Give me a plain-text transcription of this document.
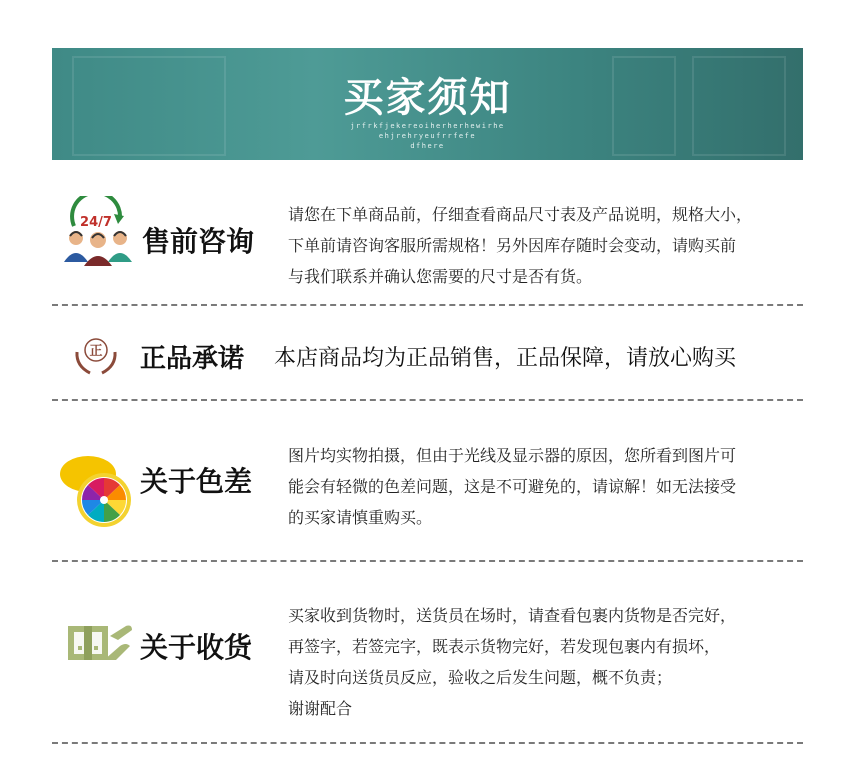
买家须知
jrfrkfjekereoiherherhewirhe
ehjrehryeufrrfefe
dfhere
24/7
售前咨询
请您在下单商品前，仔细查看商品尺寸表及产品说明，规格大小，
下单前请咨询客服所需规格！另外因库存随时会变动，请购买前
与我们联系并确认您需要的尺寸是否有货。
正 正品承诺 本店商品均为正品销售，正品保障，请放心购买
关于色差
图片均实物拍摄，但由于光线及显示器的原因，您所看到图片可
能会有轻微的色差问题，这是不可避免的，请谅解！如无法接受
的买家请慎重购买。
关于收货
买家收到货物时，送货员在场时，请查看包裹内货物是否完好，
再签字，若签完字，既表示货物完好，若发现包裹内有损坏，
请及时向送货员反应，验收之后发生问题，概不负责；
谢谢配合
